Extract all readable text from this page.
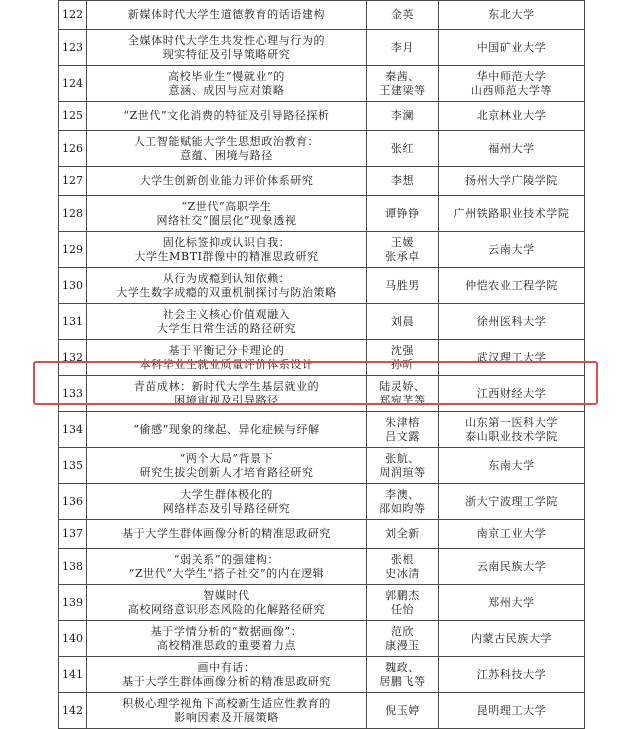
122	新媒体时代大学生道德教育的话语建构	金英	东北大学

123	全媒体时代大学生共发性心理与行为的
现实特征及引导策略研究	李月	中国矿业大学

124	高校毕业生“慢就业”的
意涵、成因与应对策略	秦茜、
王建梁等	华中师范大学
山西师范大学等

125	“Z世代”文化消费的特征及引导路径探析	李澜	北京林业大学

126	人工智能赋能大学生思想政治教育：
意蕴、困境与路径	张红	福州大学

127	大学生创新创业能力评价体系研究	李想	扬州大学广陵学院

128	“Z世代”高职学生
网络社交“圈层化”现象透视	谭铮铮	广州铁路职业技术学院

129	固化标签抑或认识自我：
大学生MBTI群像中的精准思政研究	王媛
张承卓	云南大学

130	从行为成瘾到认知依赖：
大学生数字成瘾的双重机制探讨与防治策略	马胜男	仲恺农业工程学院

131	社会主义核心价值观融入
大学生日常生活的路径研究	刘晨	徐州医科大学

132	基于平衡记分卡理论的
本科毕业生就业质量评价体系设计	沈强
孙昕	武汉理工大学

133	青苗成林：新时代大学生基层就业的
困境审视及引导路径	陆灵娇、
郑宛芊等	江西财经大学

134	“偷感”现象的缘起、异化症候与纾解	朱津榕
吕文露	山东第一医科大学
泰山职业技术学院

135	“两个大局”背景下
研究生拔尖创新人才培育路径研究	张航、
周润瑄等	东南大学

136	大学生群体极化的
网络样态及引导路径研究	李澳、
邵如昀等	浙大宁波理工学院

137	基于大学生群体画像分析的精准思政研究	刘全新	南京工业大学

138	“弱关系”的强建构：
“Z世代”大学生“搭子社交”的内在逻辑	张根
史冰清	云南民族大学

139	智媒时代
高校网络意识形态风险的化解路径研究	郭鹏杰
任怡	郑州大学

140	基于学情分析的“数据画像”：
高校精准思政的重要着力点	范欣
康漫玉	内蒙古民族大学

141	画中有话：
基于大学生群体画像分析的精准思政研究	魏政、
居鹏飞等	江苏科技大学

142	积极心理学视角下高校新生适应性教育的
影响因素及开展策略	倪玉婷	昆明理工大学
